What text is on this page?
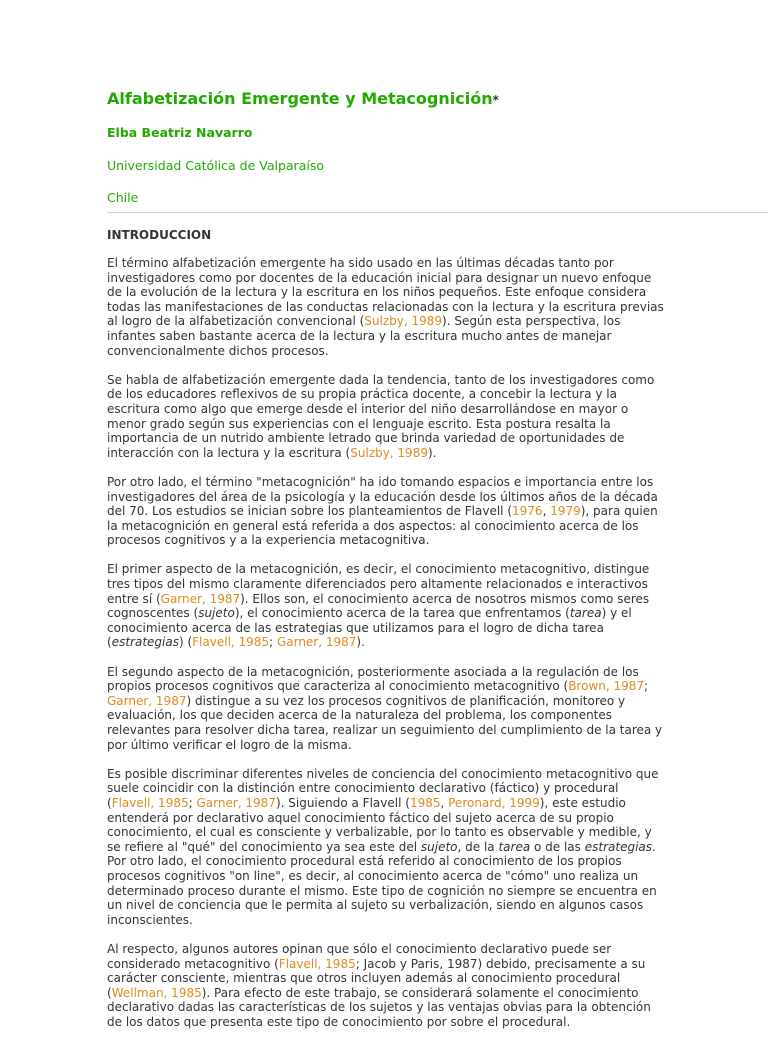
Alfabetización Emergente y Metacognición*
Elba Beatriz Navarro
Universidad Católica de Valparaíso
Chile
INTRODUCCION

El término alfabetización emergente ha sido usado en las últimas décadas tanto por investigadores como por docentes de la educación inicial para designar un nuevo enfoque de la evolución de la lectura y la escritura en los niños pequeños. Este enfoque considera todas las manifestaciones de las conductas relacionadas con la lectura y la escritura previas al logro de la alfabetización convencional (Sulzby, 1989). Según esta perspectiva, los infantes saben bastante acerca de la lectura y la escritura mucho antes de manejar convencionalmente dichos procesos.

Se habla de alfabetización emergente dada la tendencia, tanto de los investigadores como de los educadores reflexivos de su propia práctica docente, a concebir la lectura y la escritura como algo que emerge desde el interior del niño desarrollándose en mayor o menor grado según sus experiencias con el lenguaje escrito. Esta postura resalta la importancia de un nutrido ambiente letrado que brinda variedad de oportunidades de interacción con la lectura y la escritura (Sulzby, 1989).

Por otro lado, el término "metacognición" ha ido tomando espacios e importancia entre los investigadores del área de la psicología y la educación desde los últimos años de la década del 70. Los estudios se inician sobre los planteamientos de Flavell (1976, 1979), para quien la metacognición en general está referida a dos aspectos: al conocimiento acerca de los procesos cognitivos y a la experiencia metacognitiva.

El primer aspecto de la metacognición, es decir, el conocimiento metacognitivo, distingue tres tipos del mismo claramente diferenciados pero altamente relacionados e interactivos entre sí (Garner, 1987). Ellos son, el conocimiento acerca de nosotros mismos como seres cognoscentes (sujeto), el conocimiento acerca de la tarea que enfrentamos (tarea) y el conocimiento acerca de las estrategias que utilizamos para el logro de dicha tarea (estrategias) (Flavell, 1985; Garner, 1987).

El segundo aspecto de la metacognición, posteriormente asociada a la regulación de los propios procesos cognitivos que caracteriza al conocimiento metacognitivo (Brown, 1987; Garner, 1987) distingue a su vez los procesos cognitivos de planificación, monitoreo y evaluación, los que deciden acerca de la naturaleza del problema, los componentes relevantes para resolver dicha tarea, realizar un seguimiento del cumplimiento de la tarea y por último verificar el logro de la misma.

Es posible discriminar diferentes niveles de conciencia del conocimiento metacognitivo que suele coincidir con la distinción entre conocimiento declarativo (fáctico) y procedural (Flavell, 1985; Garner, 1987). Siguiendo a Flavell (1985, Peronard, 1999), este estudio entenderá por declarativo aquel conocimiento fáctico del sujeto acerca de su propio conocimiento, el cual es consciente y verbalizable, por lo tanto es observable y medible, y se refiere al "qué" del conocimiento ya sea este del sujeto, de la tarea o de las estrategias. Por otro lado, el conocimiento procedural está referido al conocimiento de los propios procesos cognitivos "on line", es decir, al conocimiento acerca de "cómo" uno realiza un determinado proceso durante el mismo. Este tipo de cognición no siempre se encuentra en un nivel de conciencia que le permita al sujeto su verbalización, siendo en algunos casos inconscientes.

Al respecto, algunos autores opinan que sólo el conocimiento declarativo puede ser considerado metacognitivo (Flavell, 1985; Jacob y Paris, 1987) debido, precisamente a su carácter consciente, mientras que otros incluyen además al conocimiento procedural (Wellman, 1985). Para efecto de este trabajo, se considerará solamente el conocimiento declarativo dadas las características de los sujetos y las ventajas obvias para la obtención de los datos que presenta este tipo de conocimiento por sobre el procedural.
